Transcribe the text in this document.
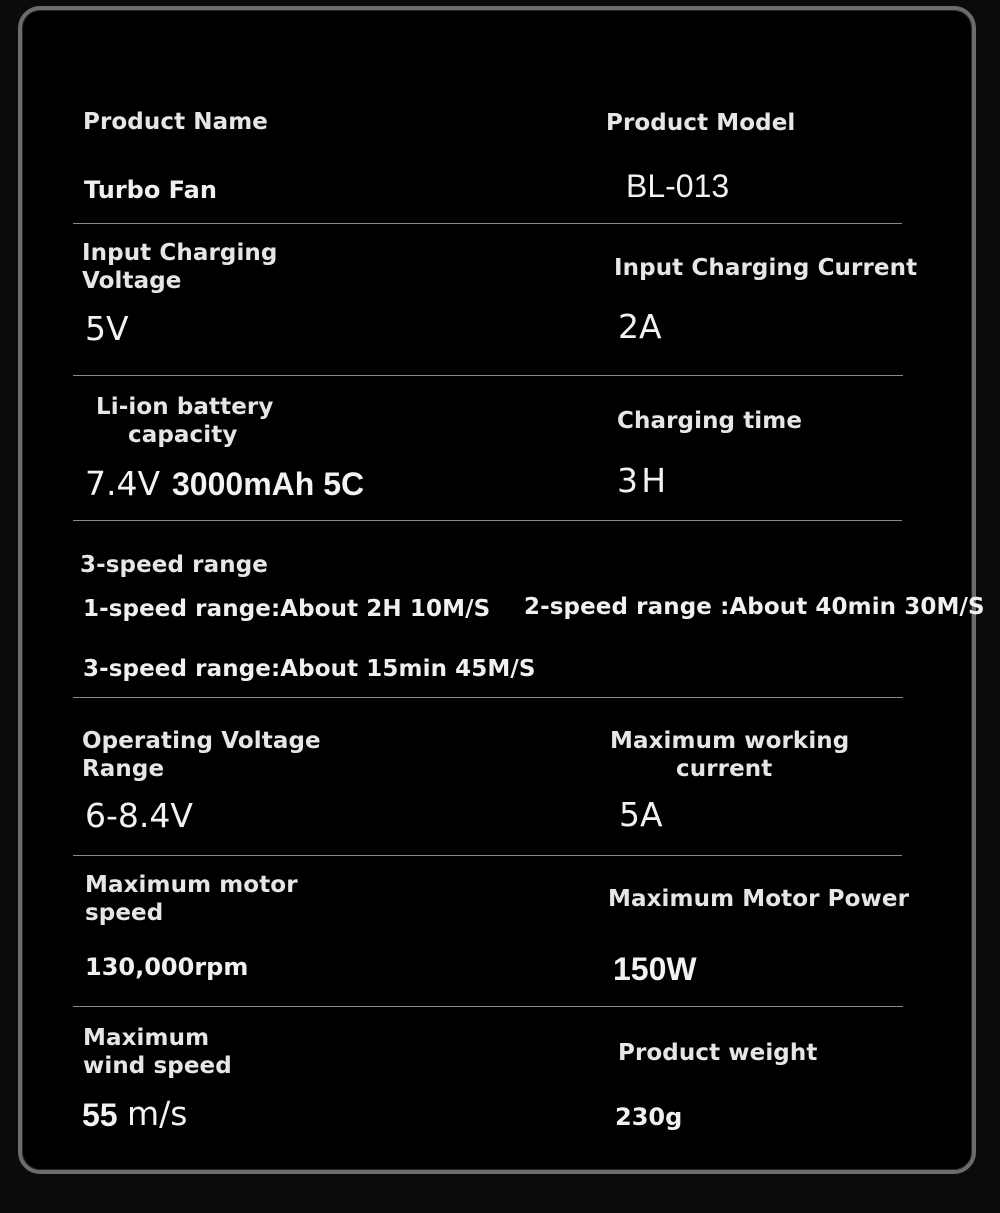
Product Name
Turbo Fan
Product Model
BL-013
Input Charging
Voltage
5V
Input Charging Current
2A
Li-ion battery
capacity
7.4V 3000mAh 5C
Charging time
3 H
3-speed range
1-speed range:About 2H 10M/S 2-speed range :About 40min 30M/S
3-speed range:About 15min 45M/S
Operating Voltage
Range
6-8.4V
Maximum working
current
5A
Maximum motor
speed
130,000rpm
Maximum Motor Power
150W
Maximum
wind speed
55 m/s
Product weight
230g
